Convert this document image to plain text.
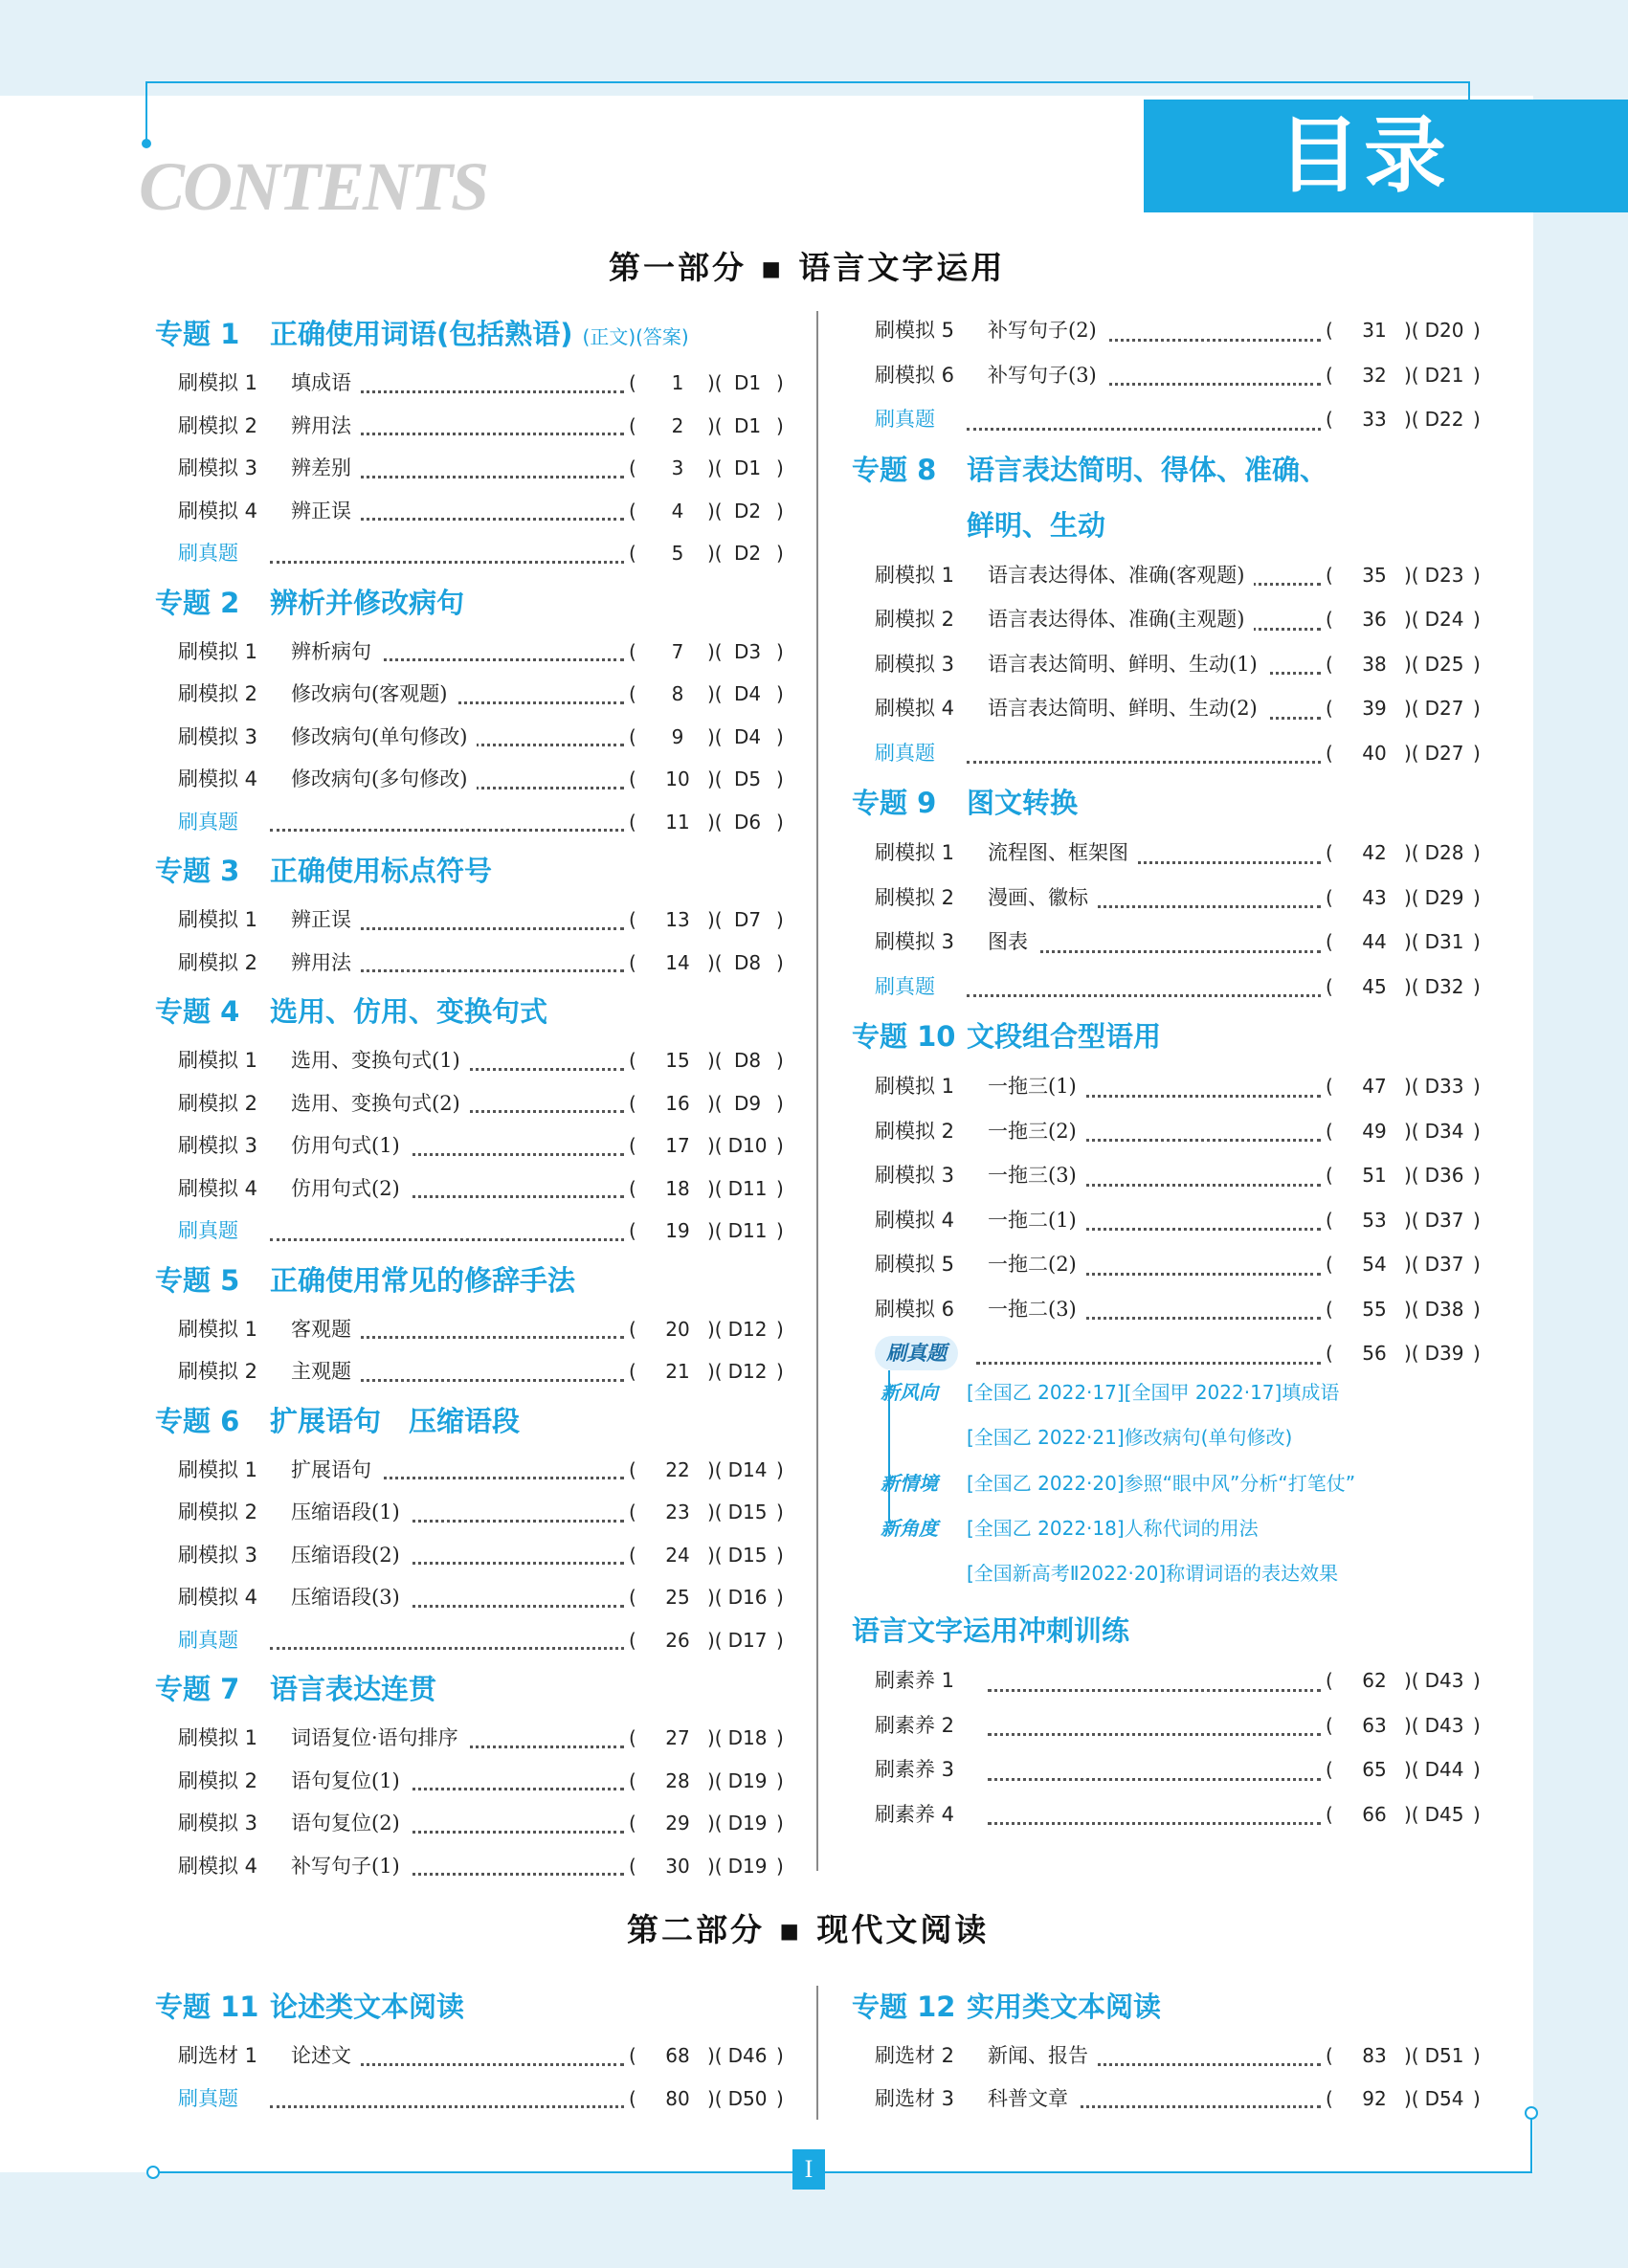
目录
CONTENTS
第一部分 ▪ 语言文字运用
专题 1 正确使用词语(包括熟语) (正文)(答案)
刷模拟 1	填成语	(	1	)( D1 )
刷模拟 2	辨用法	(	2	)( D1 )
刷模拟 3	辨差别	(	3	)( D1 )
刷模拟 4	辨正误	(	4	)( D2 )
刷真题	(	5	)( D2 )
专题 2 辨析并修改病句
刷模拟 1	辨析病句	(	7	)( D3 )
刷模拟 2	修改病句(客观题)	(	8	)( D4 )
刷模拟 3	修改病句(单句修改)	(	9	)( D4 )
刷模拟 4	修改病句(多句修改)	(	10 )( D5 )
刷真题	(	11 )( D6 )
专题 3 正确使用标点符号
刷模拟 1	辨正误	(	13 )( D7 )
刷模拟 2	辨用法	(	14 )( D8 )
专题 4 选用、仿用、变换句式
刷模拟 1	选用、变换句式(1)	(	15 )( D8 )
刷模拟 2	选用、变换句式(2)	(	16 )( D9 )
刷模拟 3	仿用句式(1)	(	17 )( D10 )
刷模拟 4	仿用句式(2)	(	18 )( D11 )
刷真题	(	19 )( D11 )
专题 5 正确使用常见的修辞手法
刷模拟 1	客观题	(	20 )( D12 )
刷模拟 2	主观题	(	21 )( D12 )
专题 6 扩展语句　压缩语段
刷模拟 1	扩展语句	(	22 )( D14 )
刷模拟 2	压缩语段(1)	(	23 )( D15 )
刷模拟 3	压缩语段(2)	(	24 )( D15 )
刷模拟 4	压缩语段(3)	(	25 )( D16 )
刷真题	(	26 )( D17 )
专题 7 语言表达连贯
刷模拟 1	词语复位·语句排序	(	27 )( D18 )
刷模拟 2	语句复位(1)	(	28 )( D19 )
刷模拟 3	语句复位(2)	(	29 )( D19 )
刷模拟 4	补写句子(1)	(	30 )( D19 )
刷模拟 5	补写句子(2)	(	31 )( D20 )
刷模拟 6	补写句子(3)	(	32 )( D21 )
刷真题	(	33 )( D22 )
专题 8 语言表达简明、得体、准确、
鲜明、生动
刷模拟 1	语言表达得体、准确(客观题)	(	35 )( D23 )
刷模拟 2	语言表达得体、准确(主观题)	(	36 )( D24 )
刷模拟 3	语言表达简明、鲜明、生动(1)	(	38 )( D25 )
刷模拟 4	语言表达简明、鲜明、生动(2)	(	39 )( D27 )
刷真题	(	40 )( D27 )
专题 9 图文转换
刷模拟 1	流程图、框架图	(	42 )( D28 )
刷模拟 2	漫画、徽标	(	43 )( D29 )
刷模拟 3	图表	(	44 )( D31 )
刷真题	(	45 )( D32 )
专题 10 文段组合型语用
刷模拟 1	一拖三(1)	(	47 )( D33 )
刷模拟 2	一拖三(2)	(	49 )( D34 )
刷模拟 3	一拖三(3)	(	51 )( D36 )
刷模拟 4	一拖二(1)	(	53 )( D37 )
刷模拟 5	一拖二(2)	(	54 )( D37 )
刷模拟 6	一拖二(3)	(	55 )( D38 )
刷真题	(	56 )( D39 )
新风向 [全国乙 2022·17][全国甲 2022·17]填成语
[全国乙 2022·21]修改病句(单句修改)
新情境 [全国乙 2022·20]参照“眼中风”分析“打笔仗”
新角度 [全国乙 2022·18]人称代词的用法
[全国新高考Ⅱ2022·20]称谓词语的表达效果
语言文字运用冲刺训练
刷素养 1	(	62 )( D43 )
刷素养 2	(	63 )( D43 )
刷素养 3	(	65 )( D44 )
刷素养 4	(	66 )( D45 )
第二部分 ▪ 现代文阅读
专题 11 论述类文本阅读
刷选材 1	论述文	(	68 )( D46 )
刷真题	(	80 )( D50 )
专题 12 实用类文本阅读
刷选材 2	新闻、报告	(	83 )( D51 )
刷选材 3	科普文章	(	92 )( D54 )
I
